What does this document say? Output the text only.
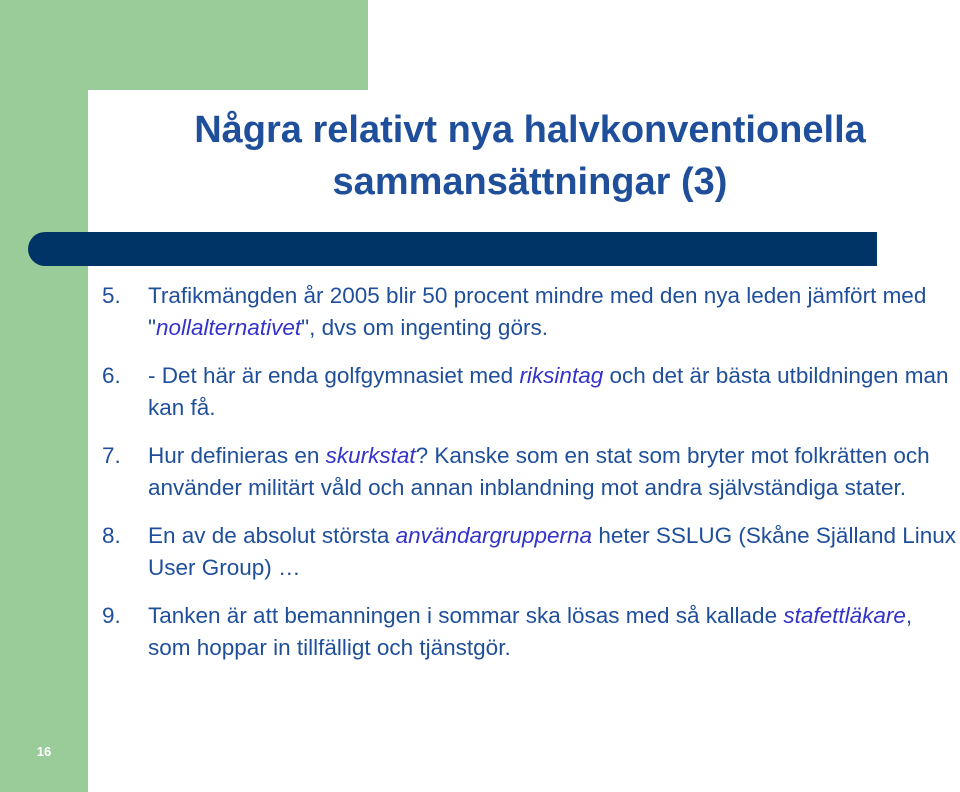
Några relativt nya halvkonventionella
sammansättningar (3)
5. Trafikmängden år 2005 blir 50 procent mindre med den nya leden jämfört med "nollalternativet", dvs om ingenting görs.

6. - Det här är enda golfgymnasiet med riksintag och det är bästa utbildningen man kan få.

7. Hur definieras en skurkstat? Kanske som en stat som bryter mot folkrätten och använder militärt våld och annan inblandning mot andra självständiga stater.

8. En av de absolut största användargrupperna heter SSLUG (Skåne Själland Linux User Group) …

9. Tanken är att bemanningen i sommar ska lösas med så kallade stafettläkare, som hoppar in tillfälligt och tjänstgör.

16
